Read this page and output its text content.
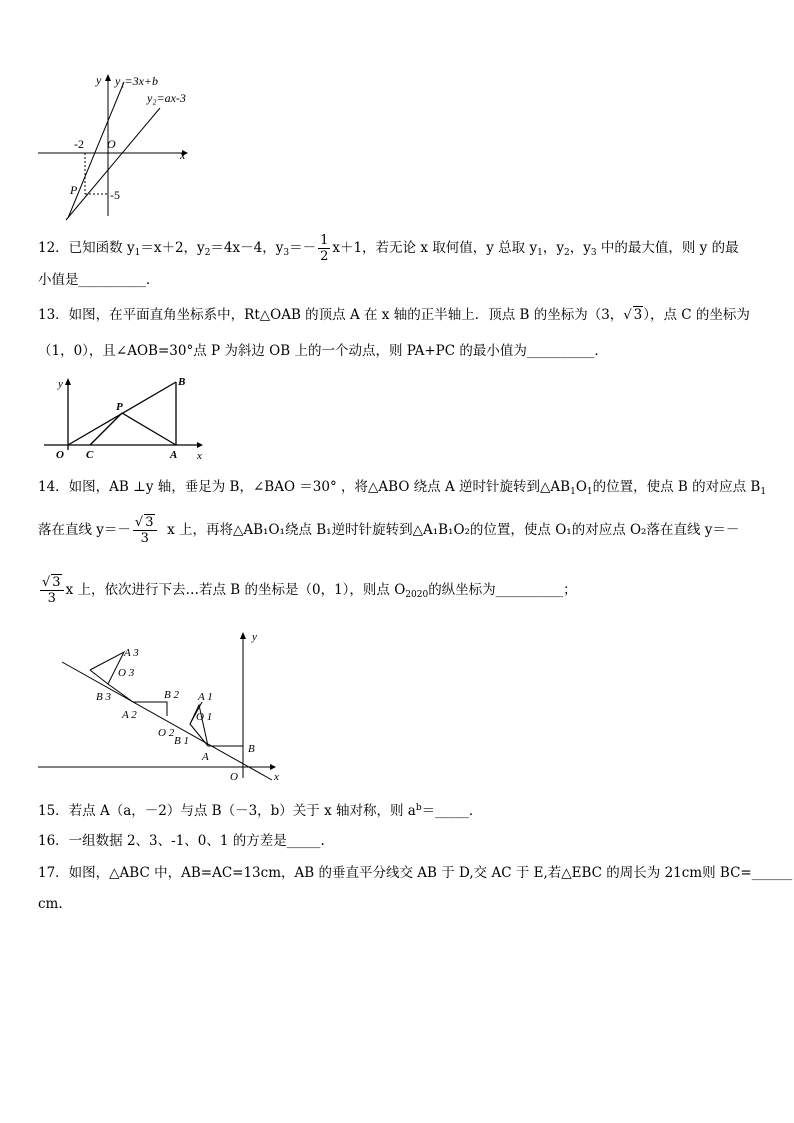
y
x
y₁=3x+b
y₂=ax-3
O
-2
-5
P
12．已知函数 $y_1=x+2$，$y_2=4x-4$，$y_3=- \frac{1}{2} x+1$，若无论 x 取何值，y 总取 $y_1$，$y_2$，$y_3$ 中的最大值，则 y 的最
小值是__________．
13．如图，在平面直角坐标系中，Rt△OAB 的顶点 A 在 x 轴的正半轴上．顶点 B 的坐标为（3，√ 3），点 C 的坐标为
（1，0），且∠AOB=30°点 P 为斜边 OB 上的一个动点，则 PA+PC 的最小值为__________．
y
x
O C	A
B
P
14．如图，AB ⊥y 轴，垂足为 B，∠BAO ＝30° ，将△ABO 绕点 A 逆时针旋转到$\triangle AB_1O_1$的位置，使点 B 的对应点 $B_1$
落在直线 $y=- \frac{√ 3}{3}$ x 上，再将△AB₁O₁绕点 B₁逆时针旋转到△A₁B₁O₂的位置，使点 O₁的对应点 O₂落在直线 y＝－
$\frac{√ 3}{3}$ x 上，依次进行下去…若点 B 的坐标是（0，1），则点 $O_{2020}$的纵坐标为__________；
y
x
O
B
A
A 1
O 1
B 1
B 2
O 2
A 2
A 3
O 3
B 3
15．若点 A（a，－2）与点 B（－3，b）关于 x 轴对称，则 $a^b=\_\_\_\_\_$．
16．一组数据 2、3、-1、0、1 的方差是_____.
17．如图，△ABC 中，AB=AC=13cm，AB 的垂直平分线交 AB 于 D,交 AC 于 E,若△EBC 的周长为 21cm则 BC=______
cm.
